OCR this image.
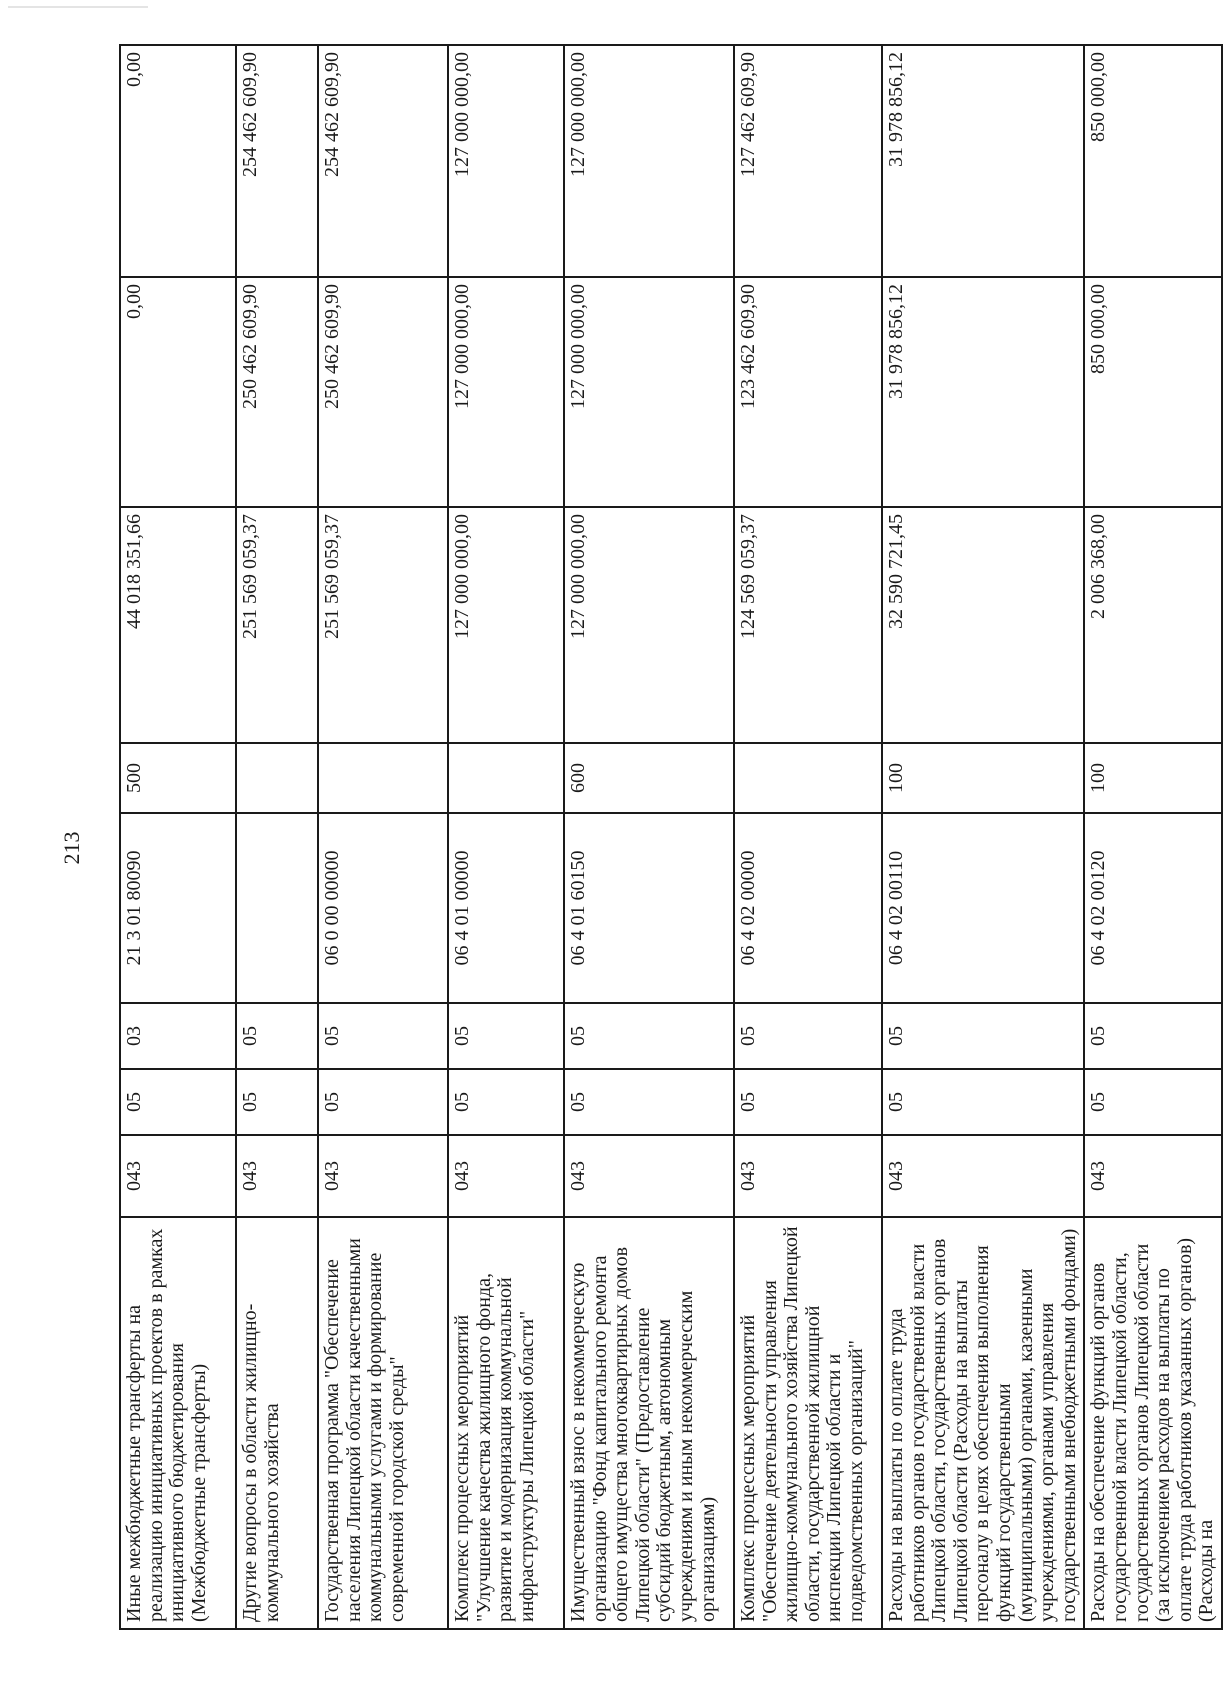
213
Иные межбюджетные трансферты на реализацию инициативных проектов в рамках инициативного бюджетирования (Межбюджетные трансферты)	043	05	03	21 3 01 80090	500	44 018 351,66	0,00	0,00
Другие вопросы в области жилищно-коммунального хозяйства	043	05	05			251 569 059,37	250 462 609,90	254 462 609,90
Государственная программа "Обеспечение населения Липецкой области качественными коммунальными услугами и формирование современной городской среды"	043	05	05	06 0 00 00000		251 569 059,37	250 462 609,90	254 462 609,90
Комплекс процессных мероприятий "Улучшение качества жилищного фонда, развитие и модернизация коммунальной инфраструктуры Липецкой области"	043	05	05	06 4 01 00000		127 000 000,00	127 000 000,00	127 000 000,00
Имущественный взнос в некоммерческую организацию "Фонд капитального ремонта общего имущества многоквартирных домов Липецкой области" (Предоставление субсидий бюджетным, автономным учреждениям и иным некоммерческим организациям)	043	05	05	06 4 01 60150	600	127 000 000,00	127 000 000,00	127 000 000,00
Комплекс процессных мероприятий "Обеспечение деятельности управления жилищно-коммунального хозяйства Липецкой области, государственной жилищной инспекции Липецкой области и подведомственных организаций"	043	05	05	06 4 02 00000		124 569 059,37	123 462 609,90	127 462 609,90
Расходы на выплаты по оплате труда работников органов государственной власти Липецкой области, государственных органов Липецкой области (Расходы на выплаты персоналу в целях обеспечения выполнения функций государственными (муниципальными) органами, казенными учреждениями, органами управления государственными внебюджетными фондами)	043	05	05	06 4 02 00110	100	32 590 721,45	31 978 856,12	31 978 856,12
Расходы на обеспечение функций органов государственной власти Липецкой области, государственных органов Липецкой области (за исключением расходов на выплаты по оплате труда работников указанных органов) (Расходы на	043	05	05	06 4 02 00120	100	2 006 368,00	850 000,00	850 000,00
